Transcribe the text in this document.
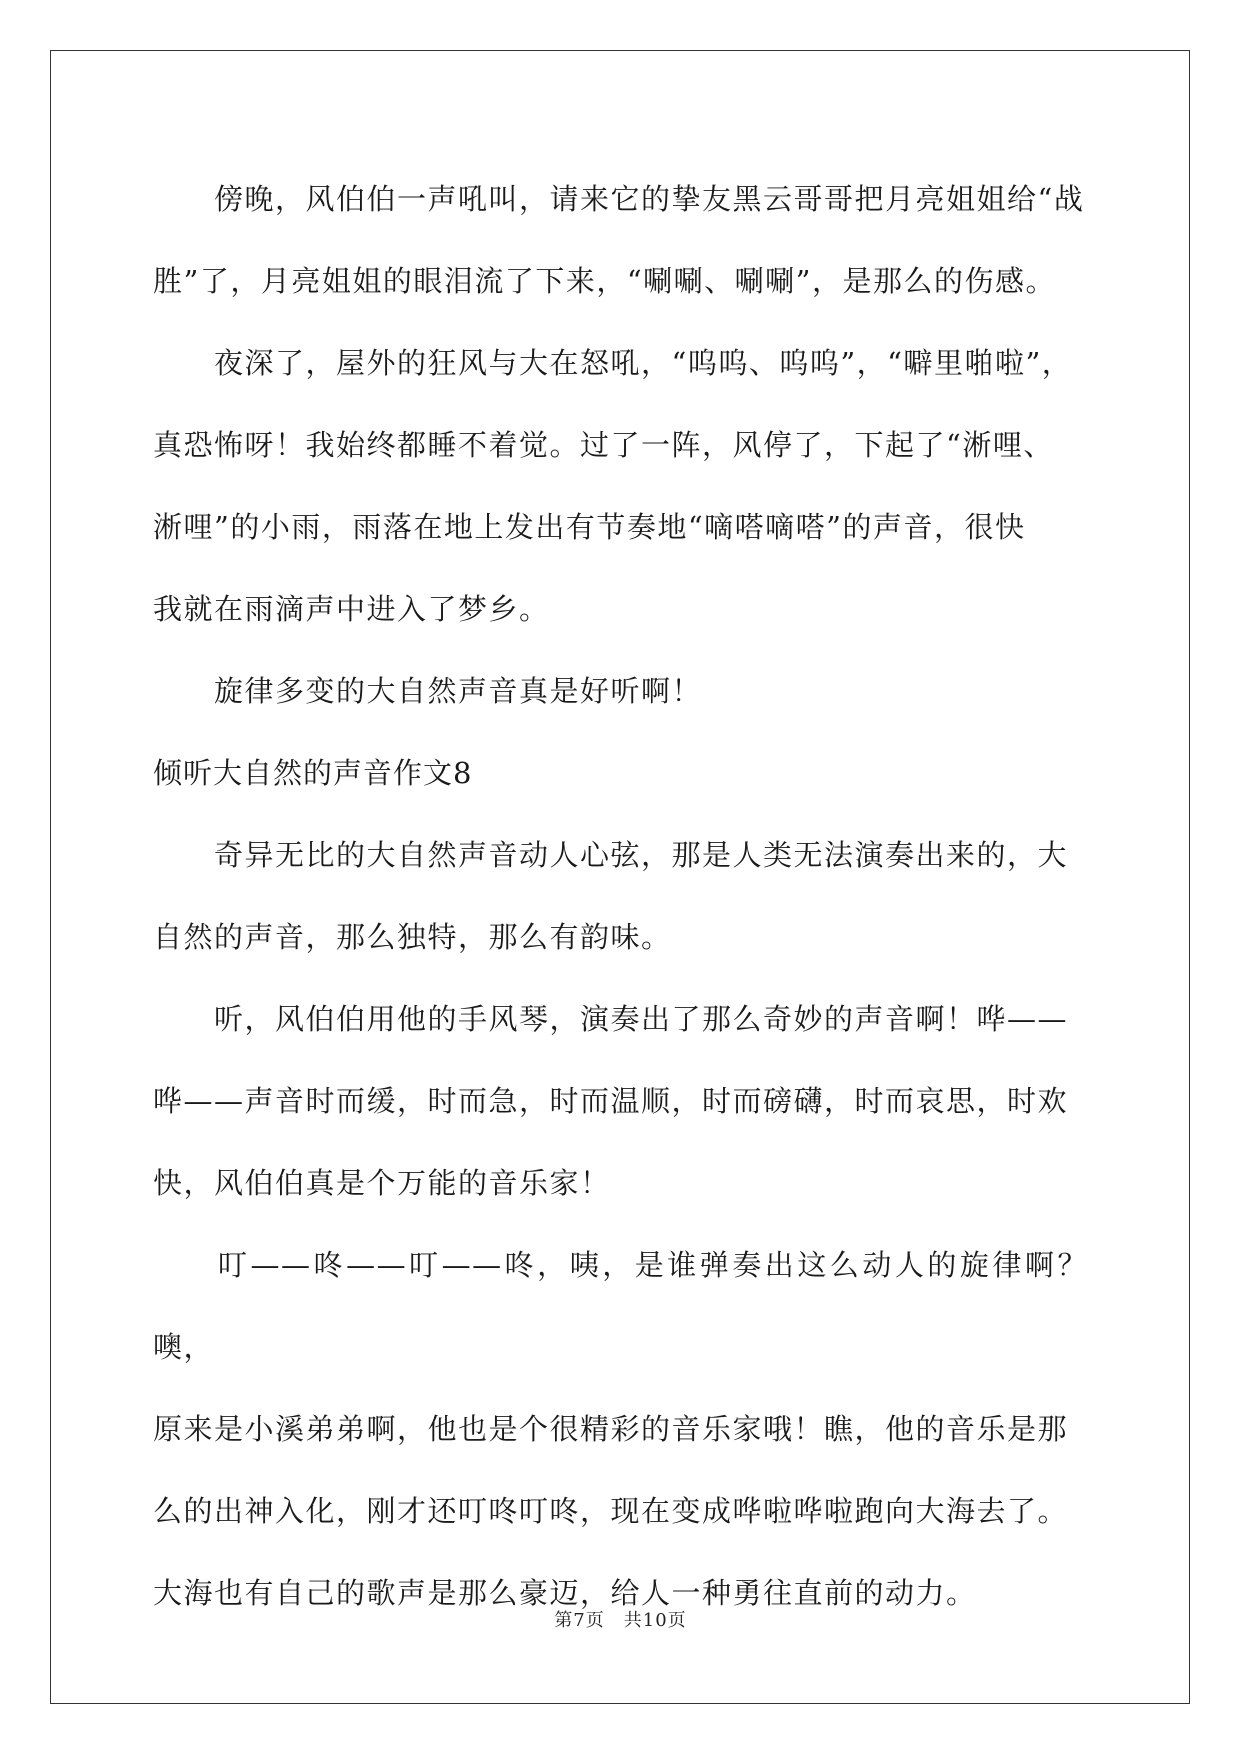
　　傍晚，风伯伯一声吼叫，请来它的挚友黑云哥哥把月亮姐姐给“战

胜”了，月亮姐姐的眼泪流了下来，“唰唰、唰唰”，是那么的伤感。

　　夜深了，屋外的狂风与大在怒吼，“呜呜、呜呜”，“噼里啪啦”，

真恐怖呀！我始终都睡不着觉。过了一阵，风停了，下起了“淅哩、

淅哩”的小雨，雨落在地上发出有节奏地“嘀嗒嘀嗒”的声音，很快

我就在雨滴声中进入了梦乡。

　　旋律多变的大自然声音真是好听啊！

倾听大自然的声音作文8

　　奇异无比的大自然声音动人心弦，那是人类无法演奏出来的，大

自然的声音，那么独特，那么有韵味。

　　听，风伯伯用他的手风琴，演奏出了那么奇妙的声音啊！哗——

哗——声音时而缓，时而急，时而温顺，时而磅礴，时而哀思，时欢

快，风伯伯真是个万能的音乐家！

　　叮——咚——叮——咚，咦，是谁弹奏出这么动人的旋律啊？噢，

原来是小溪弟弟啊，他也是个很精彩的音乐家哦！瞧，他的音乐是那

么的出神入化，刚才还叮咚叮咚，现在变成哗啦哗啦跑向大海去了。

大海也有自己的歌声是那么豪迈，给人一种勇往直前的动力。

第7页　共10页
